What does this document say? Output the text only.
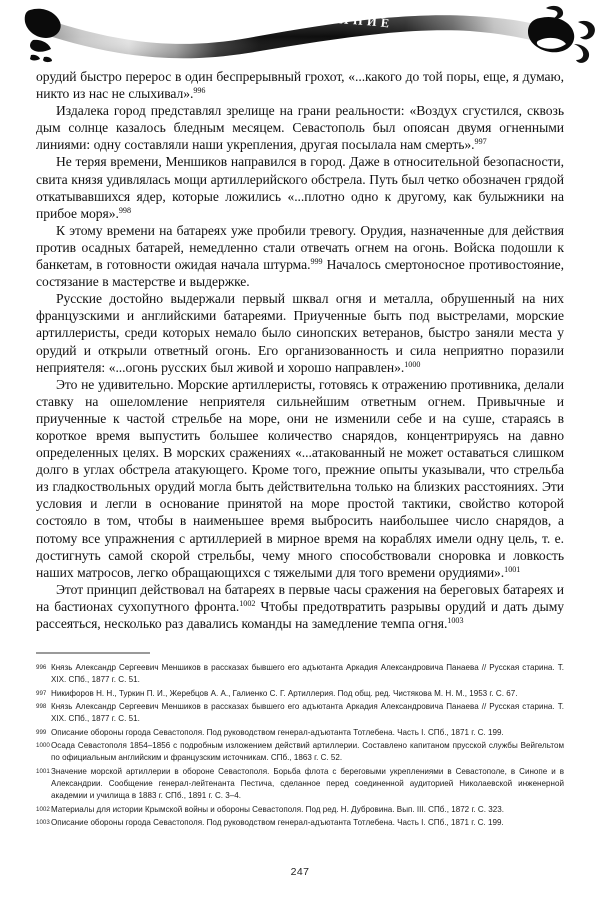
ПРОТИВОСТОЯНИЕ

орудий быстро перерос в один беспрерывный грохот, «...какого до той поры, еще, я думаю, никто из нас не слыхивал».$^{996}$

Издалека город представлял зрелище на грани реальности: «Воздух сгустился, сквозь дым солнце казалось бледным месяцем. Севастополь был опоясан двумя огненными линиями: одну составляли наши укрепления, другая посылала нам смерть».$^{997}$

Не теряя времени, Меншиков направился в город. Даже в относительной безопасности, свита князя удивлялась мощи артиллерийского обстрела. Путь был четко обозначен грядой откатывавшихся ядер, которые ложились «...плотно одно к другому, как булыжники на прибое моря».$^{998}$

К этому времени на батареях уже пробили тревогу. Орудия, назначенные для действия против осадных батарей, немедленно стали отвечать огнем на огонь. Войска подошли к банкетам, в готовности ожидая начала штурма.$^{999}$ Началось смертоносное противостояние, состязание в мастерстве и выдержке.

Русские достойно выдержали первый шквал огня и металла, обрушенный на них французскими и английскими батареями. Приученные быть под выстрелами, морские артиллеристы, среди которых немало было синопских ветеранов, быстро заняли места у орудий и открыли ответный огонь. Его организованность и сила неприятно поразили неприятеля: «...огонь русских был живой и хорошо направлен».$^{1000}$

Это не удивительно. Морские артиллеристы, готовясь к отражению противника, делали ставку на ошеломление неприятеля сильнейшим ответным огнем. Привычные и приученные к частой стрельбе на море, они не изменили себе и на суше, стараясь в короткое время выпустить большее количество снарядов, концентрируясь на давно определенных целях. В морских сражениях «...атакованный не может оставаться слишком долго в углах обстрела атакующего. Кроме того, прежние опыты указывали, что стрельба из гладкоствольных орудий могла быть действительна только на близких расстояниях. Эти условия и легли в основание принятой на море простой тактики, свойство которой состояло в том, чтобы в наименьшее время выбросить наибольшее число снарядов, а потому все упражнения с артиллерией в мирное время на кораблях имели одну цель, т. е. достигнуть самой скорой стрельбы, чему много способствовали сноровка и ловкость наших матросов, легко обращающихся с тяжелыми для того времени орудиями».$^{1001}$

Этот принцип действовал на батареях в первые часы сражения на береговых батареях и на бастионах сухопутного фронта.$^{1002}$ Чтобы предотвратить разрывы орудий и дать дыму рассеяться, несколько раз давались команды на замедление темпа огня.$^{1003}$

996 Князь Александр Сергеевич Меншиков в рассказах бывшего его адъютанта Аркадия Александровича Панаева // Русская старина. Т. XIX. СПб., 1877 г. С. 51.
997 Никифоров Н. Н., Туркин П. И., Жеребцов А. А., Галиенко С. Г. Артиллерия. Под общ. ред. Чистякова М. Н. М., 1953 г. С. 67.
998 Князь Александр Сергеевич Меншиков в рассказах бывшего его адъютанта Аркадия Александровича Панаева // Русская старина. Т. XIX. СПб., 1877 г. С. 51.
999 Описание обороны города Севастополя. Под руководством генерал-адъютанта Тотлебена. Часть I. СПб., 1871 г. С. 199.
1000 Осада Севастополя 1854–1856 с подробным изложением действий артиллерии. Составлено капитаном прусской службы Вейгельтом по официальным английским и французским источникам. СПб., 1863 г. С. 52.
1001 Значение морской артиллерии в обороне Севастополя. Борьба флота с береговыми укреплениями в Севастополе, в Синопе и в Александрии. Сообщение генерал-лейтенанта Пестича, сделанное перед соединенной аудиторией Николаевской инженерной академии и училища в 1883 г. СПб., 1891 г. С. 3–4.
1002 Материалы для истории Крымской войны и обороны Севастополя. Под ред. Н. Дубровина. Вып. III. СПб., 1872 г. С. 323.
1003 Описание обороны города Севастополя. Под руководством генерал-адъютанта Тотлебена. Часть I. СПб., 1871 г. С. 199.
247
